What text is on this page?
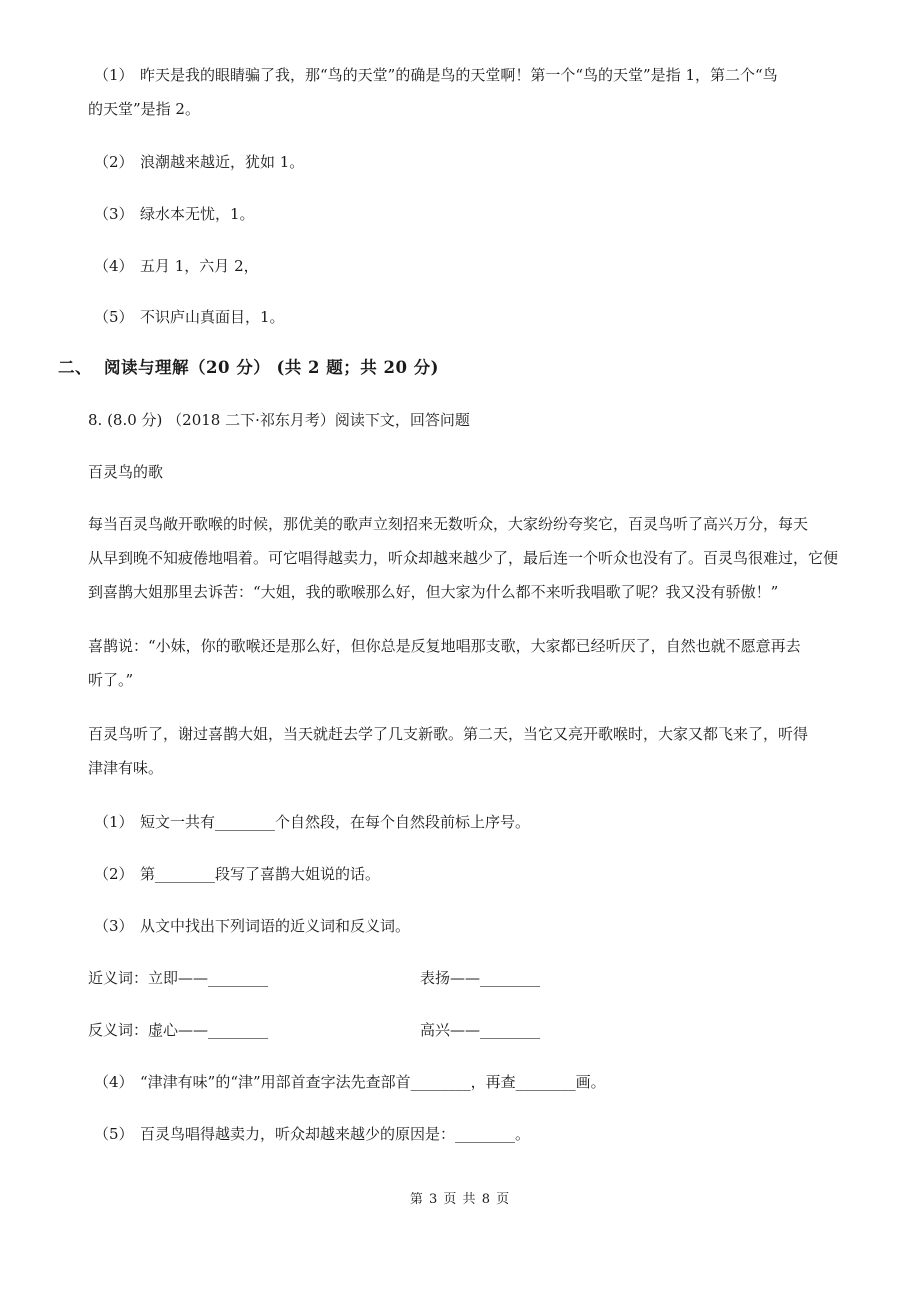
（1） 昨天是我的眼睛骗了我，那“鸟的天堂”的确是鸟的天堂啊！第一个“鸟的天堂”是指 1，第二个“鸟
的天堂”是指 2。
（2） 浪潮越来越近，犹如 1。
（3） 绿水本无忧，1。
（4） 五月 1，六月 2，
（5） 不识庐山真面目，1。
二、 阅读与理解（20 分） (共 2 题；共 20 分)
8. (8.0 分) （2018 二下·祁东月考）阅读下文，回答问题
百灵鸟的歌
每当百灵鸟敞开歌喉的时候，那优美的歌声立刻招来无数听众，大家纷纷夸奖它，百灵鸟听了高兴万分，每天
从早到晚不知疲倦地唱着。可它唱得越卖力，听众却越来越少了，最后连一个听众也没有了。百灵鸟很难过，它便
到喜鹊大姐那里去诉苦：“大姐，我的歌喉那么好，但大家为什么都不来听我唱歌了呢？我又没有骄傲！”
喜鹊说：“小妹，你的歌喉还是那么好，但你总是反复地唱那支歌，大家都已经听厌了，自然也就不愿意再去
听了。”
百灵鸟听了，谢过喜鹊大姐，当天就赶去学了几支新歌。第二天，当它又亮开歌喉时，大家又都飞来了，听得
津津有味。
（1） 短文一共有________个自然段，在每个自然段前标上序号。
（2） 第________段写了喜鹊大姐说的话。
（3） 从文中找出下列词语的近义词和反义词。
近义词：立即——________	表扬——________
反义词：虚心——________	高兴——________
（4） “津津有味”的“津”用部首查字法先查部首________，再查________画。
（5） 百灵鸟唱得越卖力，听众却越来越少的原因是：________。
第 3 页 共 8 页
